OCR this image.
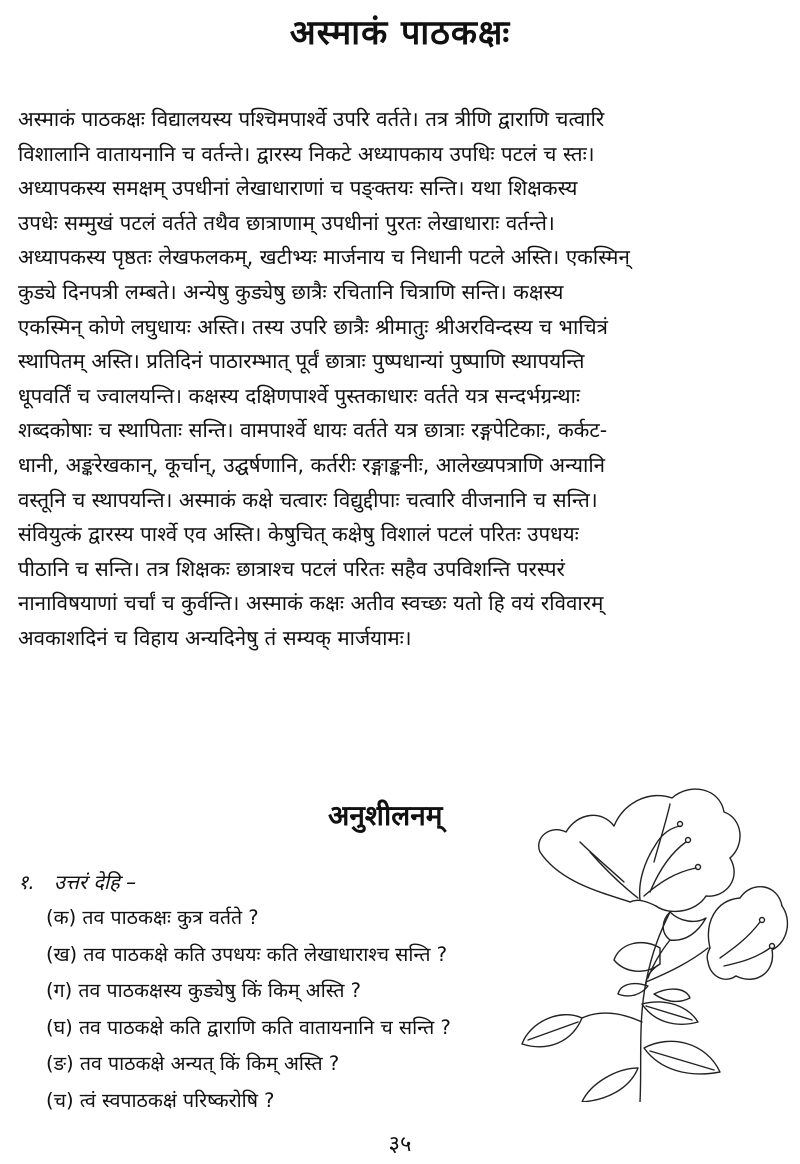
अस्माकं पाठकक्षः
अस्माकं पाठकक्षः विद्यालयस्य पश्चिमपार्श्वे उपरि वर्तते। तत्र त्रीणि द्वाराणि चत्वारि
विशालानि वातायनानि च वर्तन्ते। द्वारस्य निकटे अध्यापकाय उपधिः पटलं च स्तः।
अध्यापकस्य समक्षम् उपधीनां लेखाधाराणां च पङ्क्तयः सन्ति। यथा शिक्षकस्य
उपधेः सम्मुखं पटलं वर्तते तथैव छात्राणाम् उपधीनां पुरतः लेखाधाराः वर्तन्ते।
अध्यापकस्य पृष्ठतः लेखफलकम्, खटीभ्यः मार्जनाय च निधानी पटले अस्ति। एकस्मिन्
कुड्ये दिनपत्री लम्बते। अन्येषु कुड्येषु छात्रैः रचितानि चित्राणि सन्ति। कक्षस्य
एकस्मिन् कोणे लघुधायः अस्ति। तस्य उपरि छात्रैः श्रीमातुः श्रीअरविन्दस्य च भाचित्रं
स्थापितम् अस्ति। प्रतिदिनं पाठारम्भात् पूर्वं छात्राः पुष्पधान्यां पुष्पाणि स्थापयन्ति
धूपवर्तिं च ज्वालयन्ति। कक्षस्य दक्षिणपार्श्वे पुस्तकाधारः वर्तते यत्र सन्दर्भग्रन्थाः
शब्दकोषाः च स्थापिताः सन्ति। वामपार्श्वे धायः वर्तते यत्र छात्राः रङ्गपेटिकाः, कर्कट-
धानी, अङ्करेखकान्, कूर्चान्, उद्घर्षणानि, कर्तरीः रङ्गाङ्कनीः, आलेख्यपत्राणि अन्यानि
वस्तूनि च स्थापयन्ति। अस्माकं कक्षे चत्वारः विद्युद्दीपाः चत्वारि वीजनानि च सन्ति।
संवियुत्कं द्वारस्य पार्श्वे एव अस्ति। केषुचित् कक्षेषु विशालं पटलं परितः उपधयः
पीठानि च सन्ति। तत्र शिक्षकः छात्राश्च पटलं परितः सहैव उपविशन्ति परस्परं
नानाविषयाणां चर्चां च कुर्वन्ति। अस्माकं कक्षः अतीव स्वच्छः यतो हि वयं रविवारम्
अवकाशदिनं च विहाय अन्यदिनेषु तं सम्यक् मार्जयामः।
अनुशीलनम्
१. उत्तरं देहि –
(क) तव पाठकक्षः कुत्र वर्तते ?
(ख) तव पाठकक्षे कति उपधयः कति लेखाधाराश्च सन्ति ?
(ग) तव पाठकक्षस्य कुड्येषु किं किम् अस्ति ?
(घ) तव पाठकक्षे कति द्वाराणि कति वातायनानि च सन्ति ?
(ङ) तव पाठकक्षे अन्यत् किं किम् अस्ति ?
(च) त्वं स्वपाठकक्षं परिष्करोषि ?
३५
